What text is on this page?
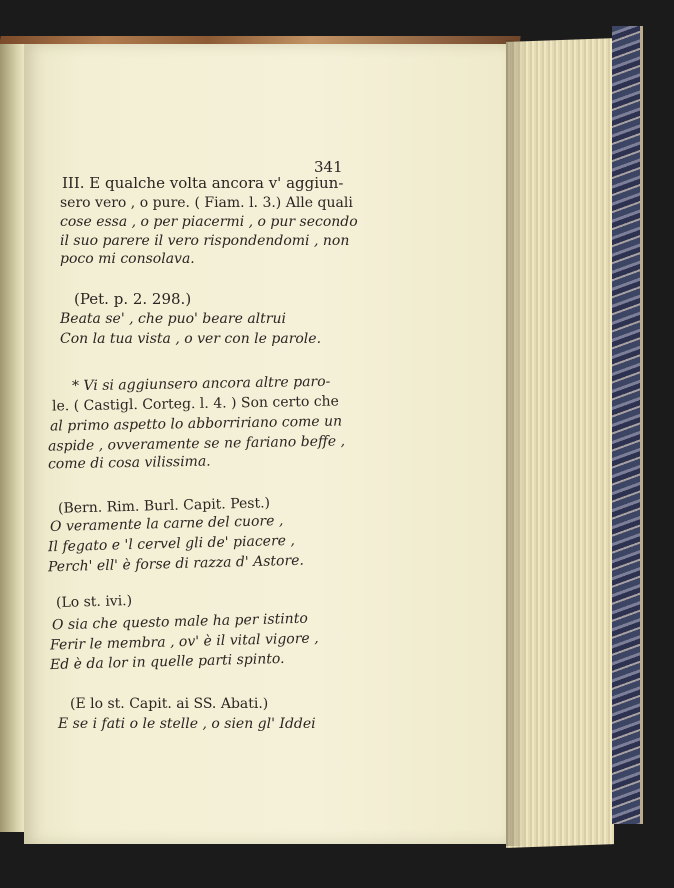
341
III. E qualche volta ancora v' aggiun-
sero vero , o pure. ( Fiam. l. 3.) Alle quali
cose essa , o per piacermi , o pur secondo
il suo parere il vero rispondendomi , non
poco mi consolava.
(Pet. p. 2. 298.)
Beata se' , che puo' beare altrui
Con la tua vista , o ver con le parole.
* Vi si aggiunsero ancora altre paro-
le. ( Castigl. Corteg. l. 4. ) Son certo che
al primo aspetto lo abborririano come un
aspide , ovveramente se ne fariano beffe ,
come di cosa vilissima.
(Bern. Rim. Burl. Capit. Pest.)
O veramente la carne del cuore ,
Il fegato e 'l cervel gli de' piacere ,
Perch' ell' è forse di razza d' Astore.
(Lo st. ivi.)
O sia che questo male ha per istinto
Ferir le membra , ov' è il vital vigore ,
Ed è da lor in quelle parti spinto.
(E lo st. Capit. ai SS. Abati.)
E se i fati o le stelle , o sien gl' Iddei
